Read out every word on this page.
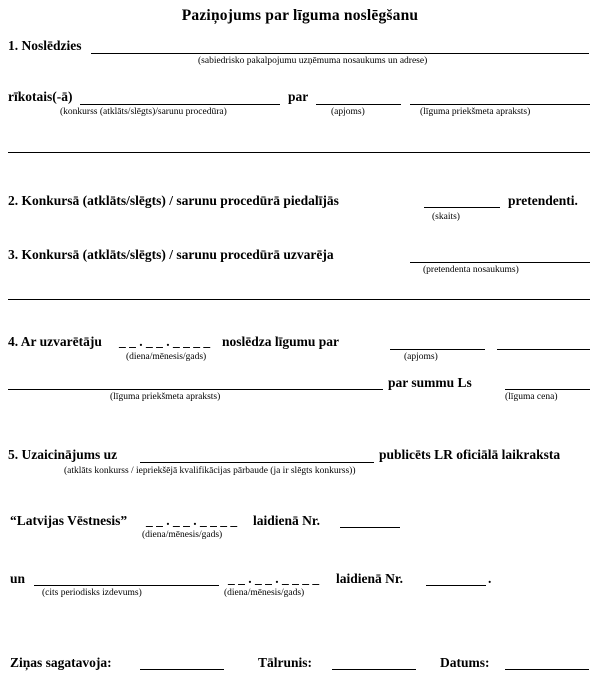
Paziņojums par līguma noslēgšanu
1. Noslēdzies
(sabiedrisko pakalpojumu uzņēmuma nosaukums un adrese)
rīkotais(-ā)	par
(konkurss (atklāts/slēgts)/sarunu procedūra)	(apjoms)	(līguma priekšmeta apraksts)
2. Konkursā (atklāts/slēgts) / sarunu procedūrā piedalījās	pretendenti.
(skaits)
3. Konkursā (atklāts/slēgts) / sarunu procedūrā uzvarēja
(pretendenta nosaukums)
4. Ar uzvarētāju _ _ . _ _ . _ _ _ _ noslēdza līgumu par
(diena/mēnesis/gads)	(apjoms)
par summu Ls
(līguma priekšmeta apraksts)	(līguma cena)
5. Uzaicinājums uz	publicēts LR oficiālā laikraksta
(atklāts konkurss / iepriekšējā kvalifikācijas pārbaude (ja ir slēgts konkurss))
“Latvijas Vēstnesis” _ _ . _ _ . _ _ _ _ laidienā Nr.
(diena/mēnesis/gads)
un	_ _ . _ _ . _ _ _ _ laidienā Nr.	.
(cits periodisks izdevums)	(diena/mēnesis/gads)
Ziņas sagatavoja:	Tālrunis:	Datums:
